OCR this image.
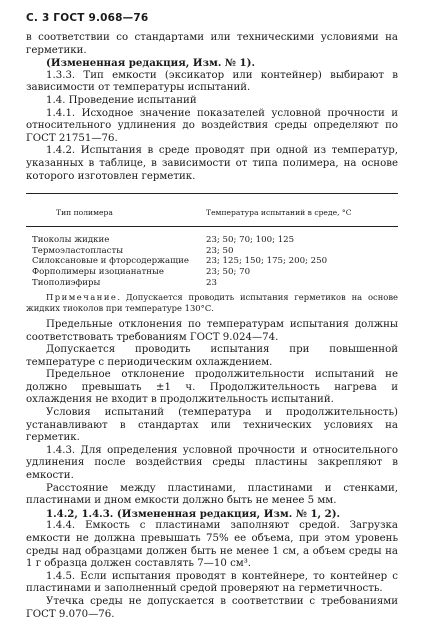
С. 3 ГОСТ 9.068—76

в соответствии со стандартами или техническими условиями на герметики.

(Измененная редакция, Изм. № 1).

1.3.3. Тип емкости (эксикатор или контейнер) выбирают в зависимости от температуры испытаний.

1.4. Проведение испытаний

1.4.1. Исходное значение показателей условной прочности и относительного удлинения до воздействия среды определяют по ГОСТ 21751—76.

1.4.2. Испытания в среде проводят при одной из температур, указанных в таблице, в зависимости от типа полимера, на основе которого изготовлен герметик.

Тип полимера	Температура испытаний в среде, °С
Тиоколы жидкие	23; 50; 70; 100; 125
Термоэластопласты	23; 50
Силоксановые и фторсодержащие	23; 125; 150; 175; 200; 250
Форполимеры изоцианатные	23; 50; 70
Тиополиэфиры	23

Примечание. Допускается проводить испытания герметиков на основе жидких тиоколов при температуре 130°С.

Предельные отклонения по температурам испытания должны соответствовать требованиям ГОСТ 9.024—74.

Допускается проводить испытания при повышенной температуре с периодическим охлаждением.

Предельное отклонение продолжительности испытаний не должно превышать ±1 ч. Продолжительность нагрева и охлаждения не входит в продолжительность испытаний.

Условия испытаний (температура и продолжительность) устанавливают в стандартах или технических условиях на герметик.

1.4.3. Для определения условной прочности и относительного удлинения после воздействия среды пластины закрепляют в емкости.

Расстояние между пластинами, пластинами и стенками, пластинами и дном емкости должно быть не менее 5 мм.

1.4.2, 1.4.3. (Измененная редакция, Изм. № 1, 2).

1.4.4. Емкость с пластинами заполняют средой. Загрузка емкости не должна превышать 75% ее объема, при этом уровень среды над образцами должен быть не менее 1 см, а объем среды на 1 г образца должен составлять 7—10 см³.

1.4.5. Если испытания проводят в контейнере, то контейнер с пластинами и заполненный средой проверяют на герметичность.

Утечка среды не допускается в соответствии с требованиями ГОСТ 9.070—76.
